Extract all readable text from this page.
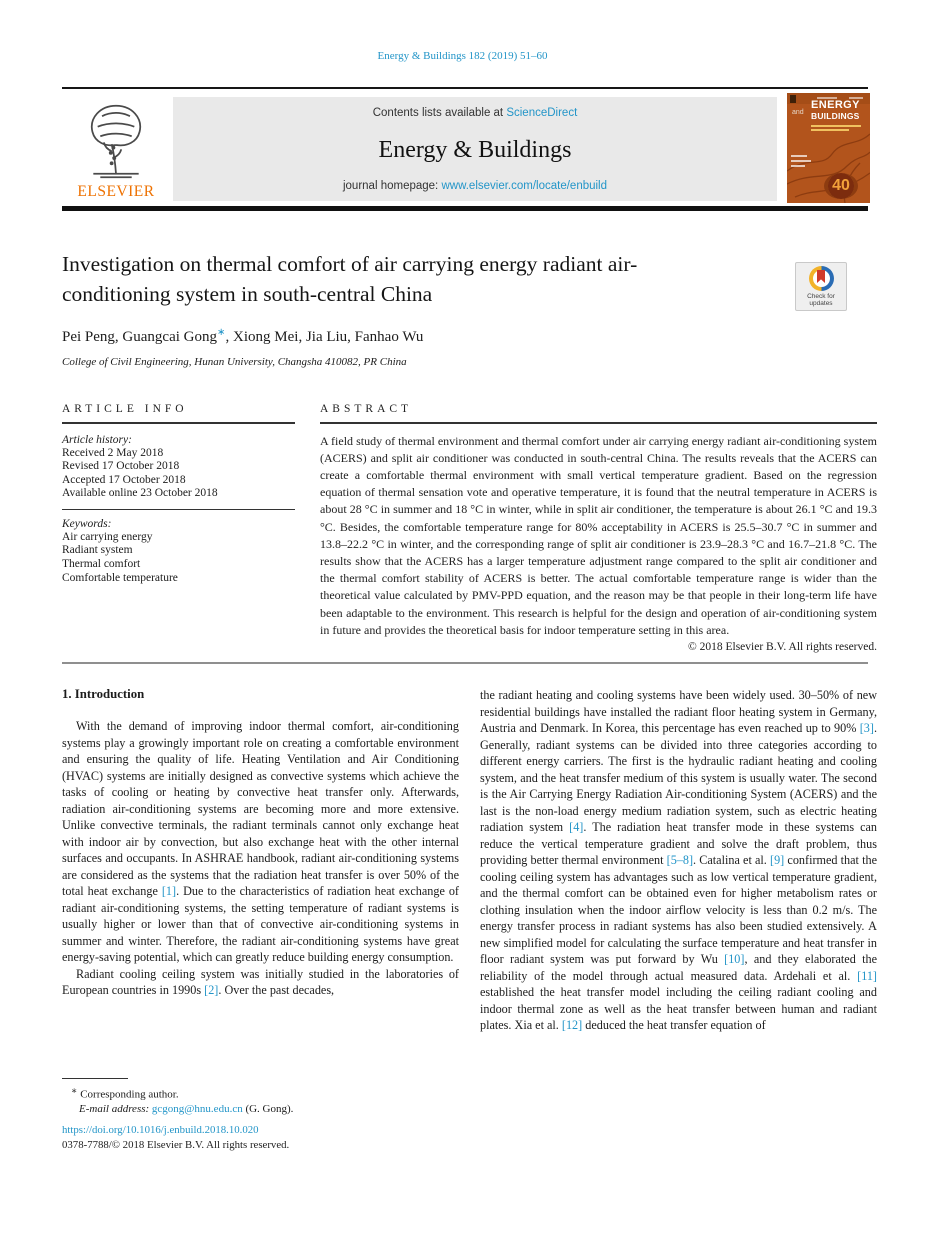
Energy & Buildings 182 (2019) 51–60
ELSEVIER
Contents lists available at ScienceDirect
Energy & Buildings
journal homepage: www.elsevier.com/locate/enbuild
and
ENERGY
BUILDINGS
40
Investigation on thermal comfort of air carrying energy radiant air-conditioning system in south-central China	Check for
updates
Pei Peng, Guangcai Gong∗, Xiong Mei, Jia Liu, Fanhao Wu
College of Civil Engineering, Hunan University, Changsha 410082, PR China
ARTICLE INFO
Article history:
Received 2 May 2018
Revised 17 October 2018
Accepted 17 October 2018
Available online 23 October 2018
Keywords:
Air carrying energy
Radiant system
Thermal comfort
Comfortable temperature
ABSTRACT
A field study of thermal environment and thermal comfort under air carrying energy radiant air-conditioning system (ACERS) and split air conditioner was conducted in south-central China. The results reveals that the ACERS can create a comfortable thermal environment with small vertical temperature gradient. Based on the regression equation of thermal sensation vote and operative temperature, it is found that the neutral temperature in ACERS is about 28 °C in summer and 18 °C in winter, while in split air conditioner, the temperature is about 26.1 °C and 19.3 °C. Besides, the comfortable temperature range for 80% acceptability in ACERS is 25.5–30.7 °C in summer and 13.8–22.2 °C in winter, and the corresponding range of split air conditioner is 23.9–28.3 °C and 16.7–21.8 °C. The results show that the ACERS has a larger temperature adjustment range compared to the split air conditioner and the thermal comfort stability of ACERS is better. The actual comfortable temperature range is wider than the theoretical value calculated by PMV-PPD equation, and the reason may be that people in their long-term life have been adaptable to the environment. This research is helpful for the design and operation of air-conditioning system in future and provides the theoretical basis for indoor temperature setting in this area.
© 2018 Elsevier B.V. All rights reserved.
1. Introduction

With the demand of improving indoor thermal comfort, air-conditioning systems play a growingly important role on creating a comfortable environment and ensuring the quality of life. Heating Ventilation and Air Conditioning (HVAC) systems are initially designed as convective systems which achieve the tasks of cooling or heating by convective heat transfer only. Afterwards, radiation air-conditioning systems are becoming more and more extensive. Unlike convective terminals, the radiant terminals cannot only exchange heat with indoor air by convection, but also exchange heat with the other internal surfaces and occupants. In ASHRAE handbook, radiant air-conditioning systems are considered as the systems that the radiation heat transfer is over 50% of the total heat exchange [1]. Due to the characteristics of radiation heat exchange of radiant air-conditioning systems, the setting temperature of radiant systems is usually higher or lower than that of convective air-conditioning systems in summer and winter. Therefore, the radiant air-conditioning systems have great energy-saving potential, which can greatly reduce building energy consumption.

Radiant cooling ceiling system was initially studied in the laboratories of European countries in 1990s [2]. Over the past decades,

the radiant heating and cooling systems have been widely used. 30–50% of new residential buildings have installed the radiant floor heating system in Germany, Austria and Denmark. In Korea, this percentage has even reached up to 90% [3]. Generally, radiant systems can be divided into three categories according to different energy carriers. The first is the hydraulic radiant heating and cooling system, and the heat transfer medium of this system is usually water. The second is the Air Carrying Energy Radiation Air-conditioning System (ACERS) and the last is the non-load energy medium radiation system, such as electric heating radiation system [4]. The radiation heat transfer mode in these systems can reduce the vertical temperature gradient and solve the draft problem, thus providing better thermal environment [5–8]. Catalina et al. [9] confirmed that the cooling ceiling system has advantages such as low vertical temperature gradient, and the thermal comfort can be obtained even for higher metabolism rates or clothing insulation when the indoor airflow velocity is less than 0.2 m/s. The energy transfer process in radiant systems has also been studied extensively. A new simplified model for calculating the surface temperature and heat transfer in floor radiant system was put forward by Wu [10], and they elaborated the reliability of the model through actual measured data. Ardehali et al. [11] established the heat transfer model including the ceiling radiant cooling and indoor thermal zone as well as the heat transfer between human and radiant plates. Xia et al. [12] deduced the heat transfer equation of

∗ Corresponding author.
E-mail address: gcgong@hnu.edu.cn (G. Gong).
https://doi.org/10.1016/j.enbuild.2018.10.020
0378-7788/© 2018 Elsevier B.V. All rights reserved.
